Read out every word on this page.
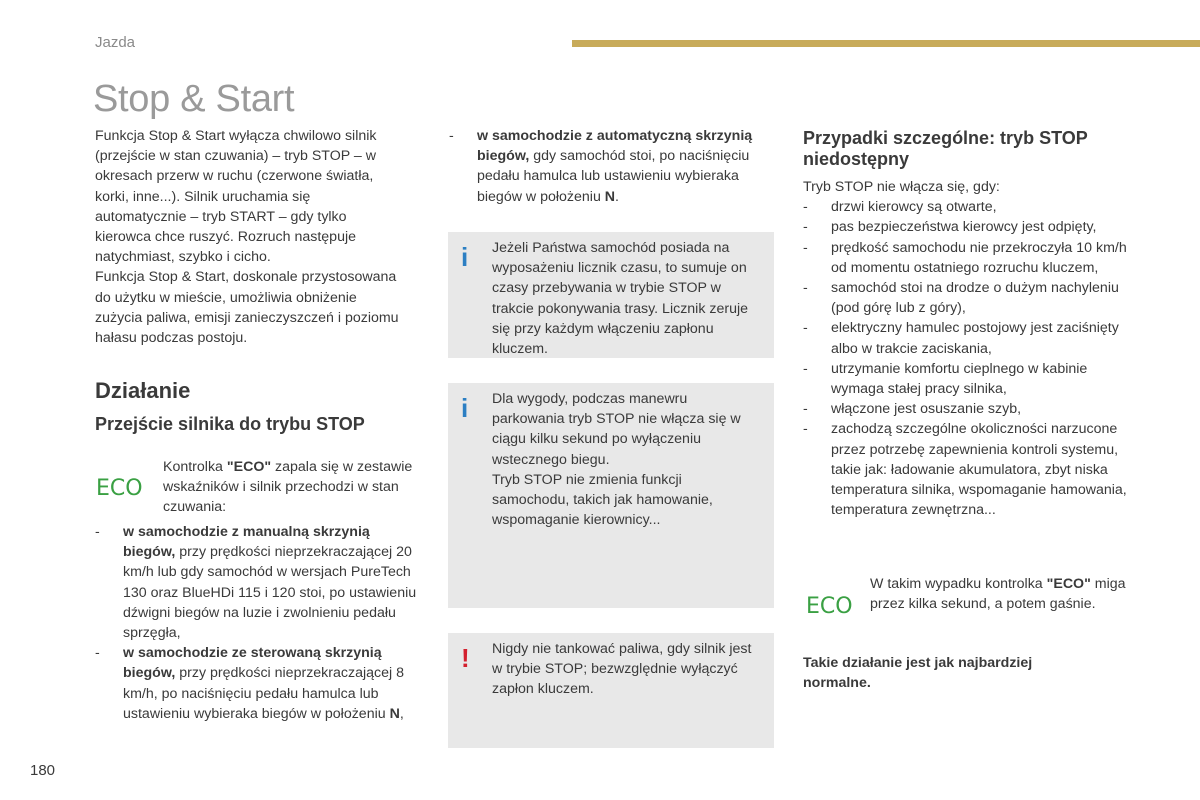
Jazda
Stop & Start

Funkcja Stop & Start wyłącza chwilowo silnik (przejście w stan czuwania) – tryb STOP – w okresach przerw w ruchu (czerwone światła, korki, inne...). Silnik uruchamia się automatycznie – tryb START – gdy tylko kierowca chce ruszyć. Rozruch następuje natychmiast, szybko i cicho.

Funkcja Stop & Start, doskonale przystosowana do użytku w mieście, umożliwia obniżenie zużycia paliwa, emisji zanieczyszczeń i poziomu hałasu podczas postoju.

Działanie
Przejście silnika do trybu STOP
ECO
Kontrolka "ECO" zapala się w zestawie wskaźników i silnik przechodzi w stan czuwania:
- w samochodzie z manualną skrzynią biegów, przy prędkości nieprzekraczającej 20 km/h lub gdy samochód w wersjach PureTech 130 oraz BlueHDi 115 i 120 stoi, po ustawieniu dźwigni biegów na luzie i zwolnieniu pedału sprzęgła,
- w samochodzie ze sterowaną skrzynią biegów, przy prędkości nieprzekraczającej 8 km/h, po naciśnięciu pedału hamulca lub ustawieniu wybieraka biegów w położeniu N,
- w samochodzie z automatyczną skrzynią biegów, gdy samochód stoi, po naciśnięciu pedału hamulca lub ustawieniu wybieraka biegów w położeniu N.
i Jeżeli Państwa samochód posiada na wyposażeniu licznik czasu, to sumuje on czasy przebywania w trybie STOP w trakcie pokonywania trasy. Licznik zeruje się przy każdym włączeniu zapłonu kluczem.

i Dla wygody, podczas manewru parkowania tryb STOP nie włącza się w ciągu kilku sekund po wyłączeniu wstecznego biegu.

Tryb STOP nie zmienia funkcji samochodu, takich jak hamowanie, wspomaganie kierownicy...

! Nigdy nie tankować paliwa, gdy silnik jest w trybie STOP; bezwzględnie wyłączyć zapłon kluczem.

Przypadki szczególne: tryb STOP niedostępny

Tryb STOP nie włącza się, gdy:

- drzwi kierowcy są otwarte,
- pas bezpieczeństwa kierowcy jest odpięty,
- prędkość samochodu nie przekroczyła 10 km/h od momentu ostatniego rozruchu kluczem,
- samochód stoi na drodze o dużym nachyleniu (pod górę lub z góry),
- elektryczny hamulec postojowy jest zaciśnięty albo w trakcie zaciskania,
- utrzymanie komfortu cieplnego w kabinie wymaga stałej pracy silnika,
- włączone jest osuszanie szyb,
- zachodzą szczególne okoliczności narzucone przez potrzebę zapewnienia kontroli systemu, takie jak: ładowanie akumulatora, zbyt niska temperatura silnika, wspomaganie hamowania, temperatura zewnętrzna...
ECO
W takim wypadku kontrolka "ECO" miga przez kilka sekund, a potem gaśnie.
Takie działanie jest jak najbardziej normalne.
180
